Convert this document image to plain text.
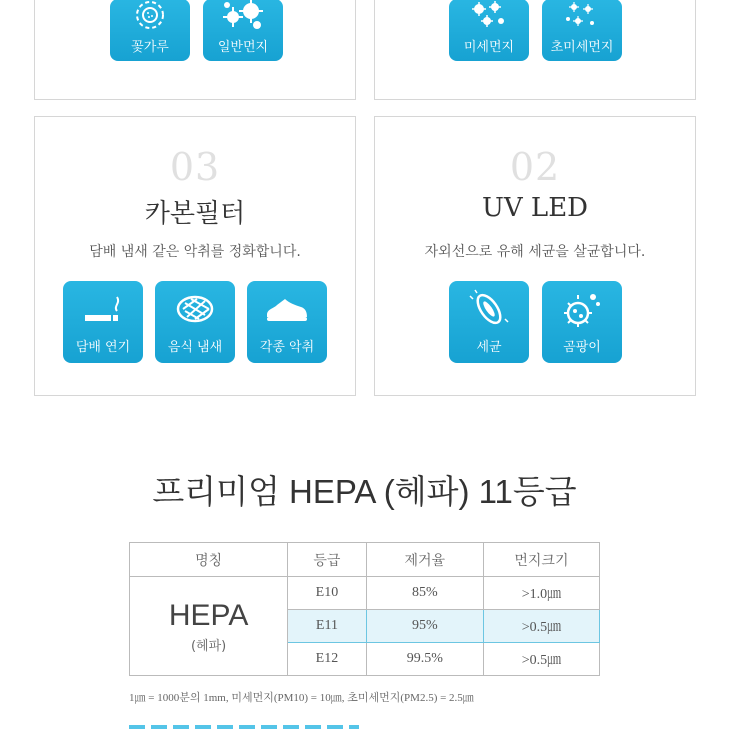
꽃가루	일반먼지	미세먼지	초미세먼지
03
카본필터
담배 냄새 같은 악취를 정화합니다.
담배 연기	음식 냄새	각종 악취
02
UV LED
자외선으로 유해 세균을 살균합니다.
세균	곰팡이
프리미엄 HEPA (헤파) 11등급
명칭	등급	제거율	먼지크기

HEPA
(헤파)	E10	85%	>1.0㎛
	E11	95%	>0.5㎛
	E12	99.5%	>0.5㎛
1㎛ = 1000분의 1mm, 미세먼지(PM10) = 10㎛, 초미세먼지(PM2.5) = 2.5㎛
